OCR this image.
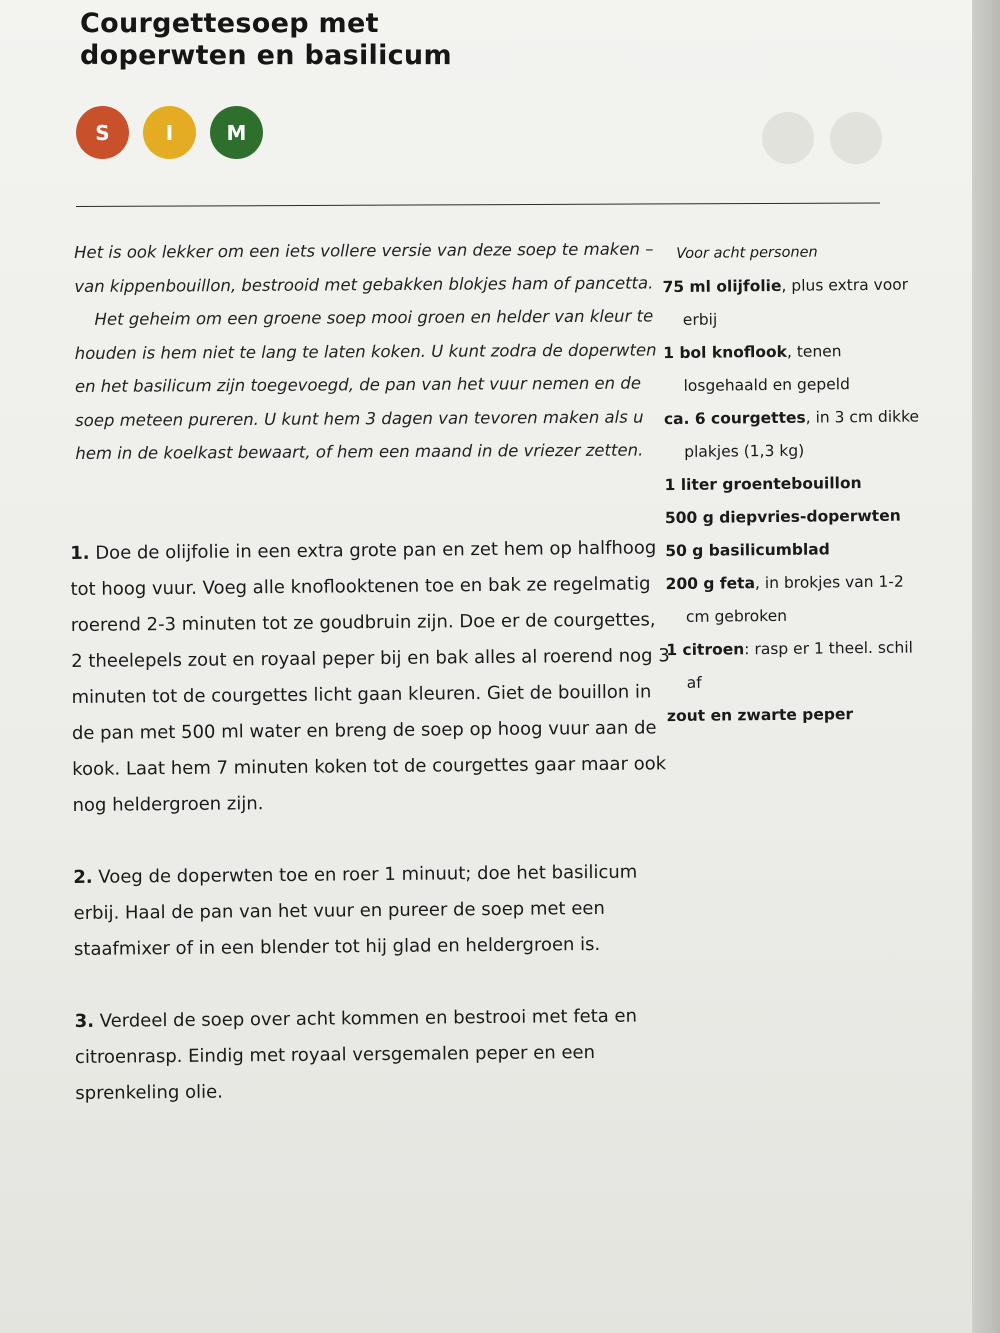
Courgettesoep met
doperwten en basilicum
S	I	M

Het is ook lekker om een iets vollere versie van deze soep te maken – van kippenbouillon, bestrooid met gebakken blokjes ham of pancetta.

Het geheim om een groene soep mooi groen en helder van kleur te houden is hem niet te lang te laten koken. U kunt zodra de doperwten en het basilicum zijn toegevoegd, de pan van het vuur nemen en de soep meteen pureren. U kunt hem 3 dagen van tevoren maken als u hem in de koelkast bewaart, of hem een maand in de vriezer zetten.

Voor acht personen
75 ml olijfolie, plus extra voor erbij
1 bol knoflook, tenen losgehaald en gepeld
ca. 6 courgettes, in 3 cm dikke plakjes (1,3 kg)
1 liter groentebouillon
500 g diepvries-doperwten
50 g basilicumblad
200 g feta, in brokjes van 1-2 cm gebroken
1 citroen: rasp er 1 theel. schil af
zout en zwarte peper

1. Doe de olijfolie in een extra grote pan en zet hem op halfhoog tot hoog vuur. Voeg alle knoflooktenen toe en bak ze regelmatig roerend 2-3 minuten tot ze goudbruin zijn. Doe er de courgettes, 2 theelepels zout en royaal peper bij en bak alles al roerend nog 3 minuten tot de courgettes licht gaan kleuren. Giet de bouillon in de pan met 500 ml water en breng de soep op hoog vuur aan de kook. Laat hem 7 minuten koken tot de courgettes gaar maar ook nog heldergroen zijn.

2. Voeg de doperwten toe en roer 1 minuut; doe het basilicum erbij. Haal de pan van het vuur en pureer de soep met een staafmixer of in een blender tot hij glad en heldergroen is.

3. Verdeel de soep over acht kommen en bestrooi met feta en citroenrasp. Eindig met royaal versgemalen peper en een sprenkeling olie.
